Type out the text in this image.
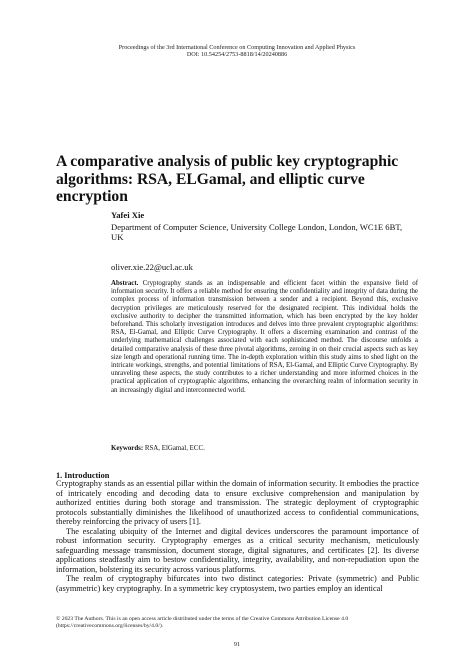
Proceedings of the 3rd International Conference on Computing Innovation and Applied Physics
DOI: 10.54254/2753-8818/14/20240886
A comparative analysis of public key cryptographic algorithms: RSA, ELGamal, and elliptic curve encryption
Yafei Xie
Department of Computer Science, University College London, London, WC1E 6BT, UK
oliver.xie.22@ucl.ac.uk
Abstract. Cryptography stands as an indispensable and efficient facet within the expansive field of information security. It offers a reliable method for ensuring the confidentiality and integrity of data during the complex process of information transmission between a sender and a recipient. Beyond this, exclusive decryption privileges are meticulously reserved for the designated recipient. This individual holds the exclusive authority to decipher the transmitted information, which has been encrypted by the key holder beforehand. This scholarly investigation introduces and delves into three prevalent cryptographic algorithms: RSA, El-Gamal, and Elliptic Curve Cryptography. It offers a discerning examination and contrast of the underlying mathematical challenges associated with each sophisticated method. The discourse unfolds a detailed comparative analysis of these three pivotal algorithms, zeroing in on their crucial aspects such as key size length and operational running time. The in-depth exploration within this study aims to shed light on the intricate workings, strengths, and potential limitations of RSA, El-Gamal, and Elliptic Curve Cryptography. By unraveling these aspects, the study contributes to a richer understanding and more informed choices in the practical application of cryptographic algorithms, enhancing the overarching realm of information security in an increasingly digital and interconnected world.
Keywords: RSA, ElGamal, ECC.
1. Introduction

Cryptography stands as an essential pillar within the domain of information security. It embodies the practice of intricately encoding and decoding data to ensure exclusive comprehension and manipulation by authorized entities during both storage and transmission. The strategic deployment of cryptographic protocols substantially diminishes the likelihood of unauthorized access to confidential communications, thereby reinforcing the privacy of users [1].

The escalating ubiquity of the Internet and digital devices underscores the paramount importance of robust information security. Cryptography emerges as a critical security mechanism, meticulously safeguarding message transmission, document storage, digital signatures, and certificates [2]. Its diverse applications steadfastly aim to bestow confidentiality, integrity, availability, and non-repudiation upon the information, bolstering its security across various platforms.

The realm of cryptography bifurcates into two distinct categories: Private (symmetric) and Public (asymmetric) key cryptography. In a symmetric key cryptosystem, two parties employ an identical

© 2023 The Authors. This is an open access article distributed under the terms of the Creative Commons Attribution License 4.0 (https://creativecommons.org/licenses/by/4.0/).
91
